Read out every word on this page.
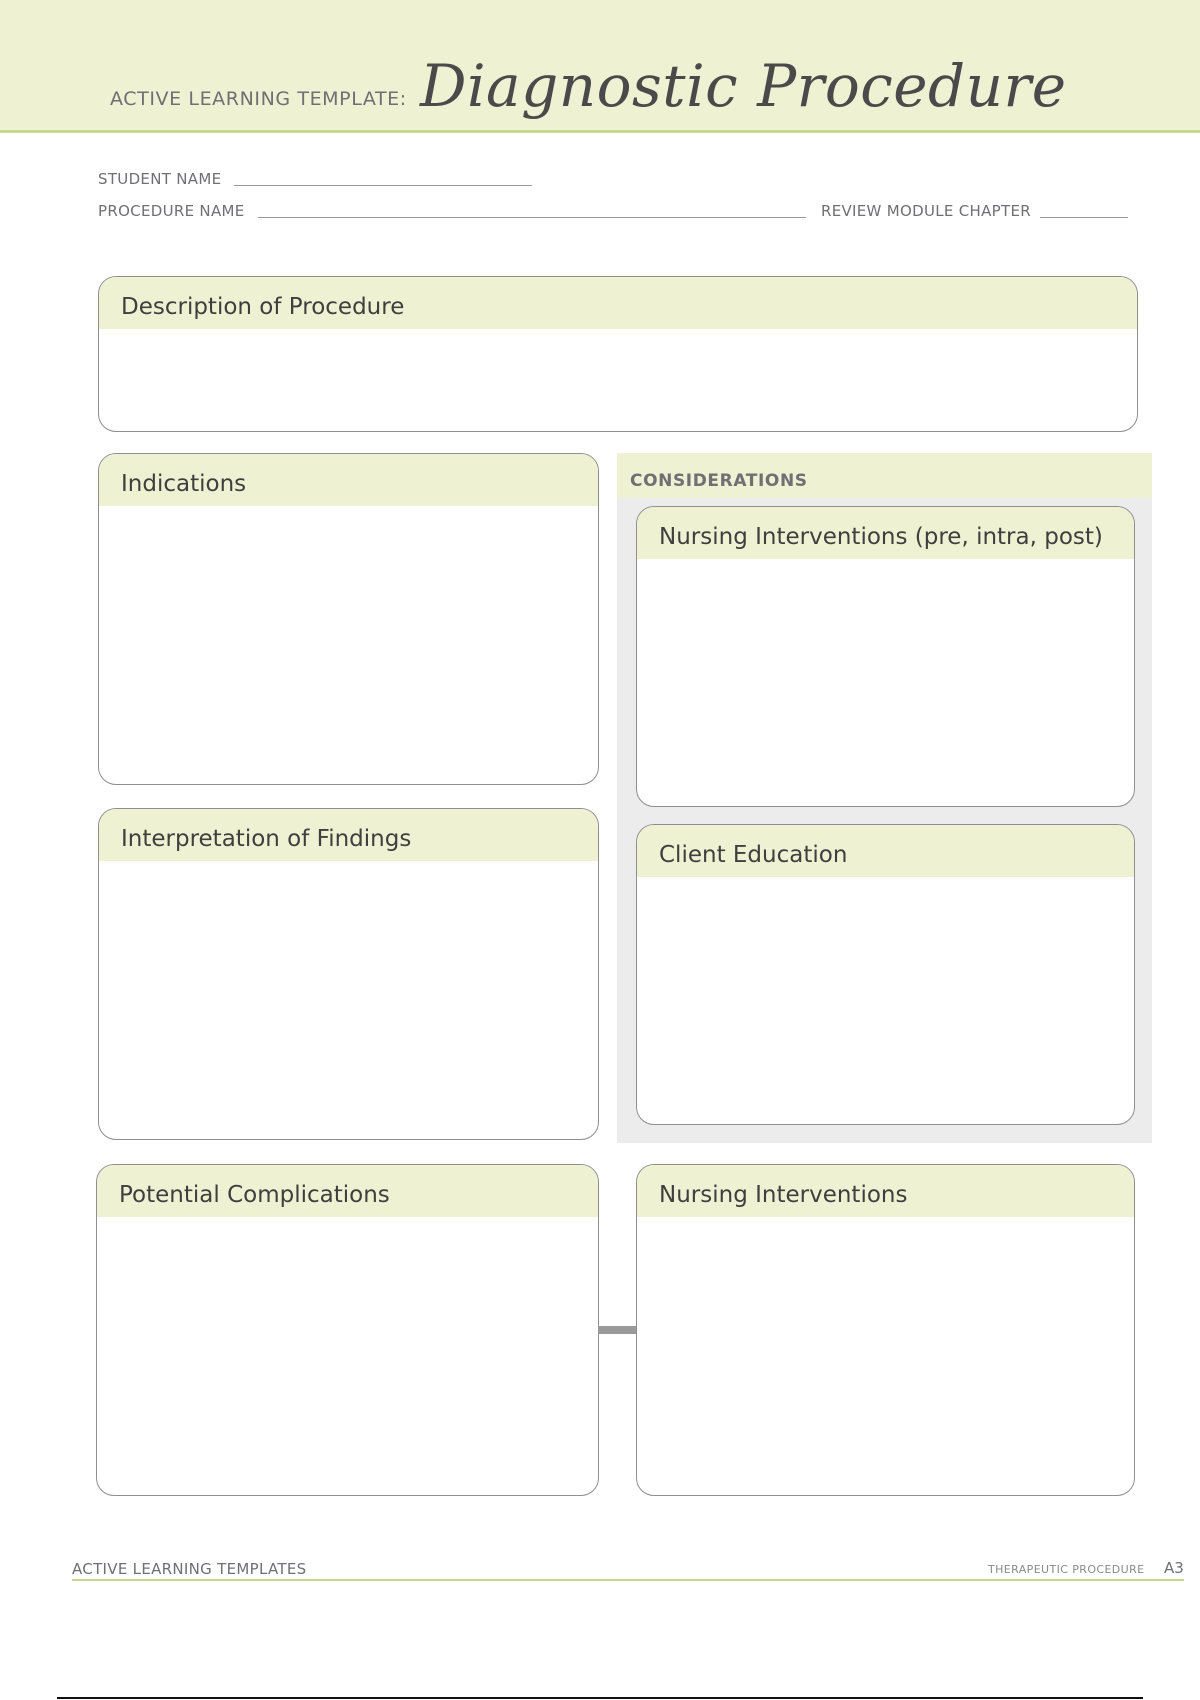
ACTIVE LEARNING TEMPLATE: Diagnostic Procedure
STUDENT NAME
PROCEDURE NAME	REVIEW MODULE CHAPTER
Description of Procedure
Indications
Interpretation of Findings
CONSIDERATIONS
Nursing Interventions (pre, intra, post)
Client Education
Potential Complications	Nursing Interventions
ACTIVE LEARNING TEMPLATES	THERAPEUTIC PROCEDURE A3
